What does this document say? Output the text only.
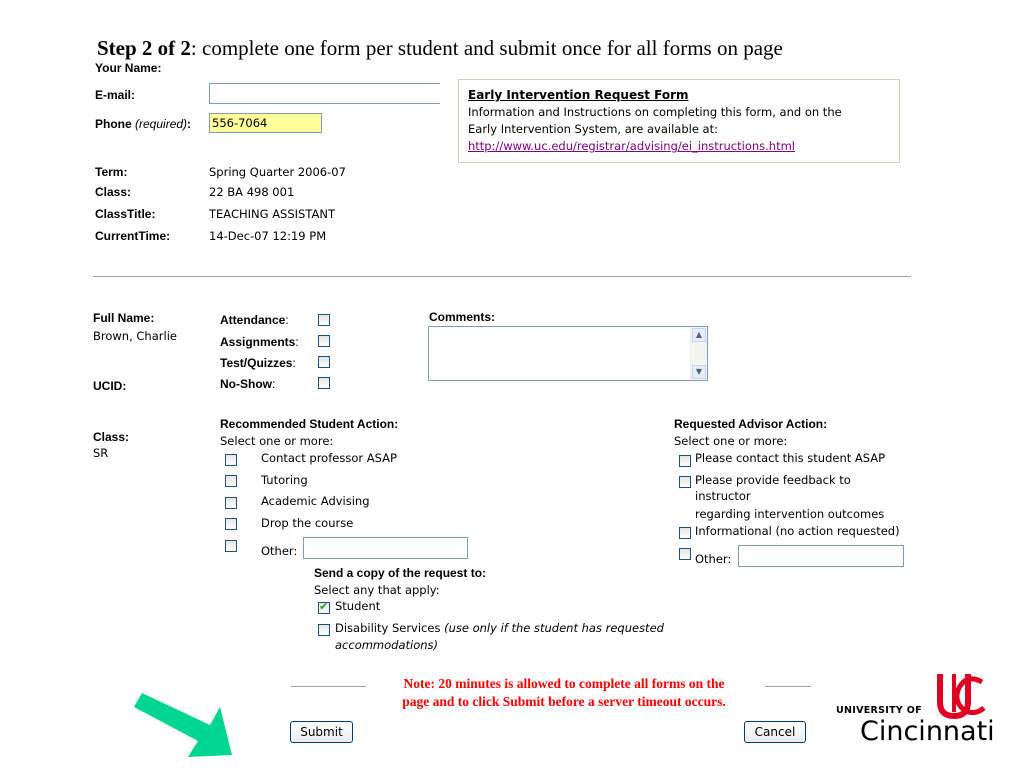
Step 2 of 2: complete one form per student and submit once for all forms on page
Your Name:
E-mail:
Phone (required):
556-7064
Term:	Spring Quarter 2006-07
Class:	22 BA 498 001
ClassTitle:	TEACHING ASSISTANT
CurrentTime:	14-Dec-07 12:19 PM
Early Intervention Request Form
Information and Instructions on completing this form, and on the
Early Intervention System, are available at:
http://www.uc.edu/registrar/advising/ei_instructions.html
Full Name:
Brown, Charlie
UCID:
Class:
SR
Attendance:
Assignments:
Test/Quizzes:
No-Show:
Comments:
▲
▼
Recommended Student Action:
Select one or more:
Contact professor ASAP
Tutoring
Academic Advising
Drop the course
Other:
Requested Advisor Action:
Select one or more:
Please contact this student ASAP
Please provide feedback to
instructor
regarding intervention outcomes
Informational (no action requested)
Other:
Send a copy of the request to:
Select any that apply:
✔
Student
Disability Services (use only if the student has requested
accommodations)
Note: 20 minutes is allowed to complete all forms on the
page and to click Submit before a server timeout occurs.
Submit	Cancel
UNIVERSITY OF
Cincinnati
